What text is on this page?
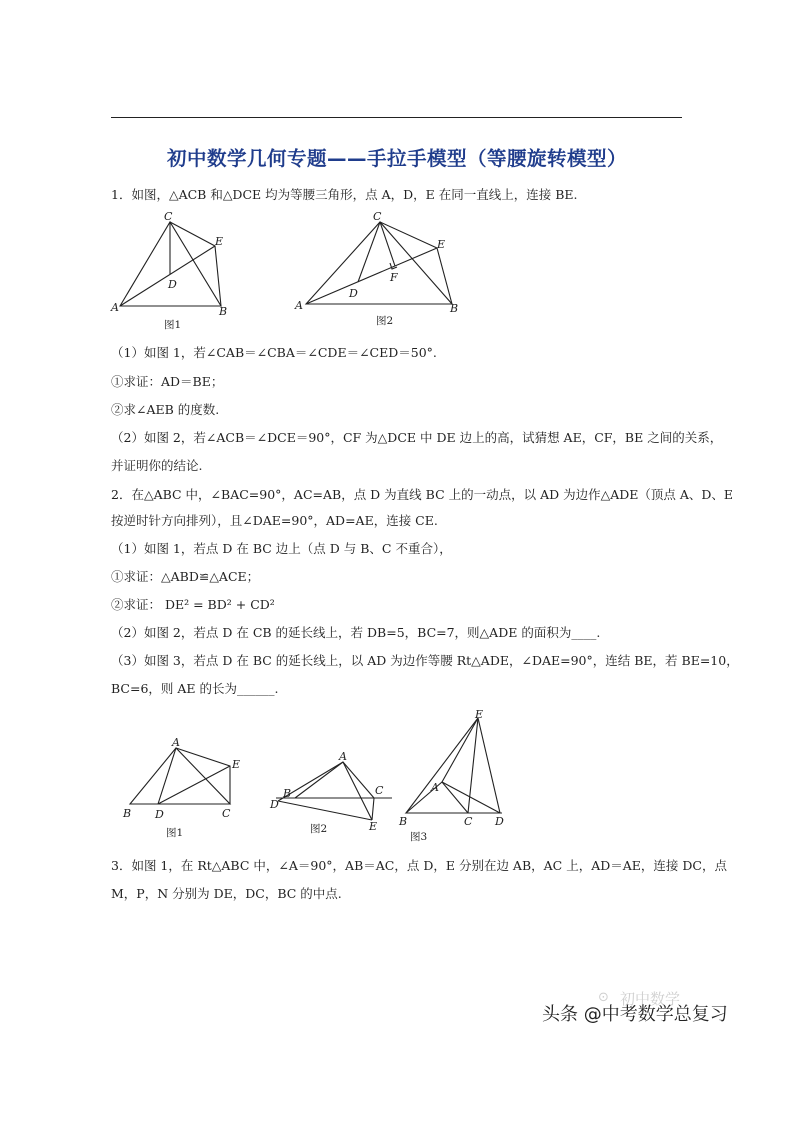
初中数学几何专题——手拉手模型（等腰旋转模型）
1．如图，△ACB 和△DCE 均为等腰三角形，点 A，D，E 在同一直线上，连接 BE.
C
E
D
A	B
图1
C
E
F
D
A	B
图2
（1）如图 1，若∠CAB＝∠CBA＝∠CDE＝∠CED＝50°.
①求证：AD＝BE；
②求∠AEB 的度数.
（2）如图 2，若∠ACB＝∠DCE＝90°，CF 为△DCE 中 DE 边上的高，试猜想 AE，CF，BE 之间的关系，
并证明你的结论.
2．在△ABC 中，∠BAC=90°，AC=AB，点 D 为直线 BC 上的一动点，以 AD 为边作△ADE（顶点 A、D、E
按逆时针方向排列），且∠DAE=90°，AD=AE，连接 CE.
（1）如图 1，若点 D 在 BC 边上（点 D 与 B、C 不重合），
①求证：△ABD≌△ACE；
②求证： DE² = BD² + CD²
（2）如图 2，若点 D 在 CB 的延长线上，若 DB=5，BC=7，则△ADE 的面积为____.
（3）如图 3，若点 D 在 BC 的延长线上，以 AD 为边作等腰 Rt△ADE，∠DAE=90°，连结 BE，若 BE=10，
BC=6，则 AE 的长为______.
A
E
B D	C
图1
A
B	C
D
E
图2
E
A
B	C D
图3
3．如图 1，在 Rt△ABC 中，∠A＝90°，AB＝AC，点 D，E 分别在边 AB，AC 上，AD＝AE，连接 DC，点
M，P，N 分别为 DE，DC，BC 的中点.
⊙ 初中数学
头条 @中考数学总复习
